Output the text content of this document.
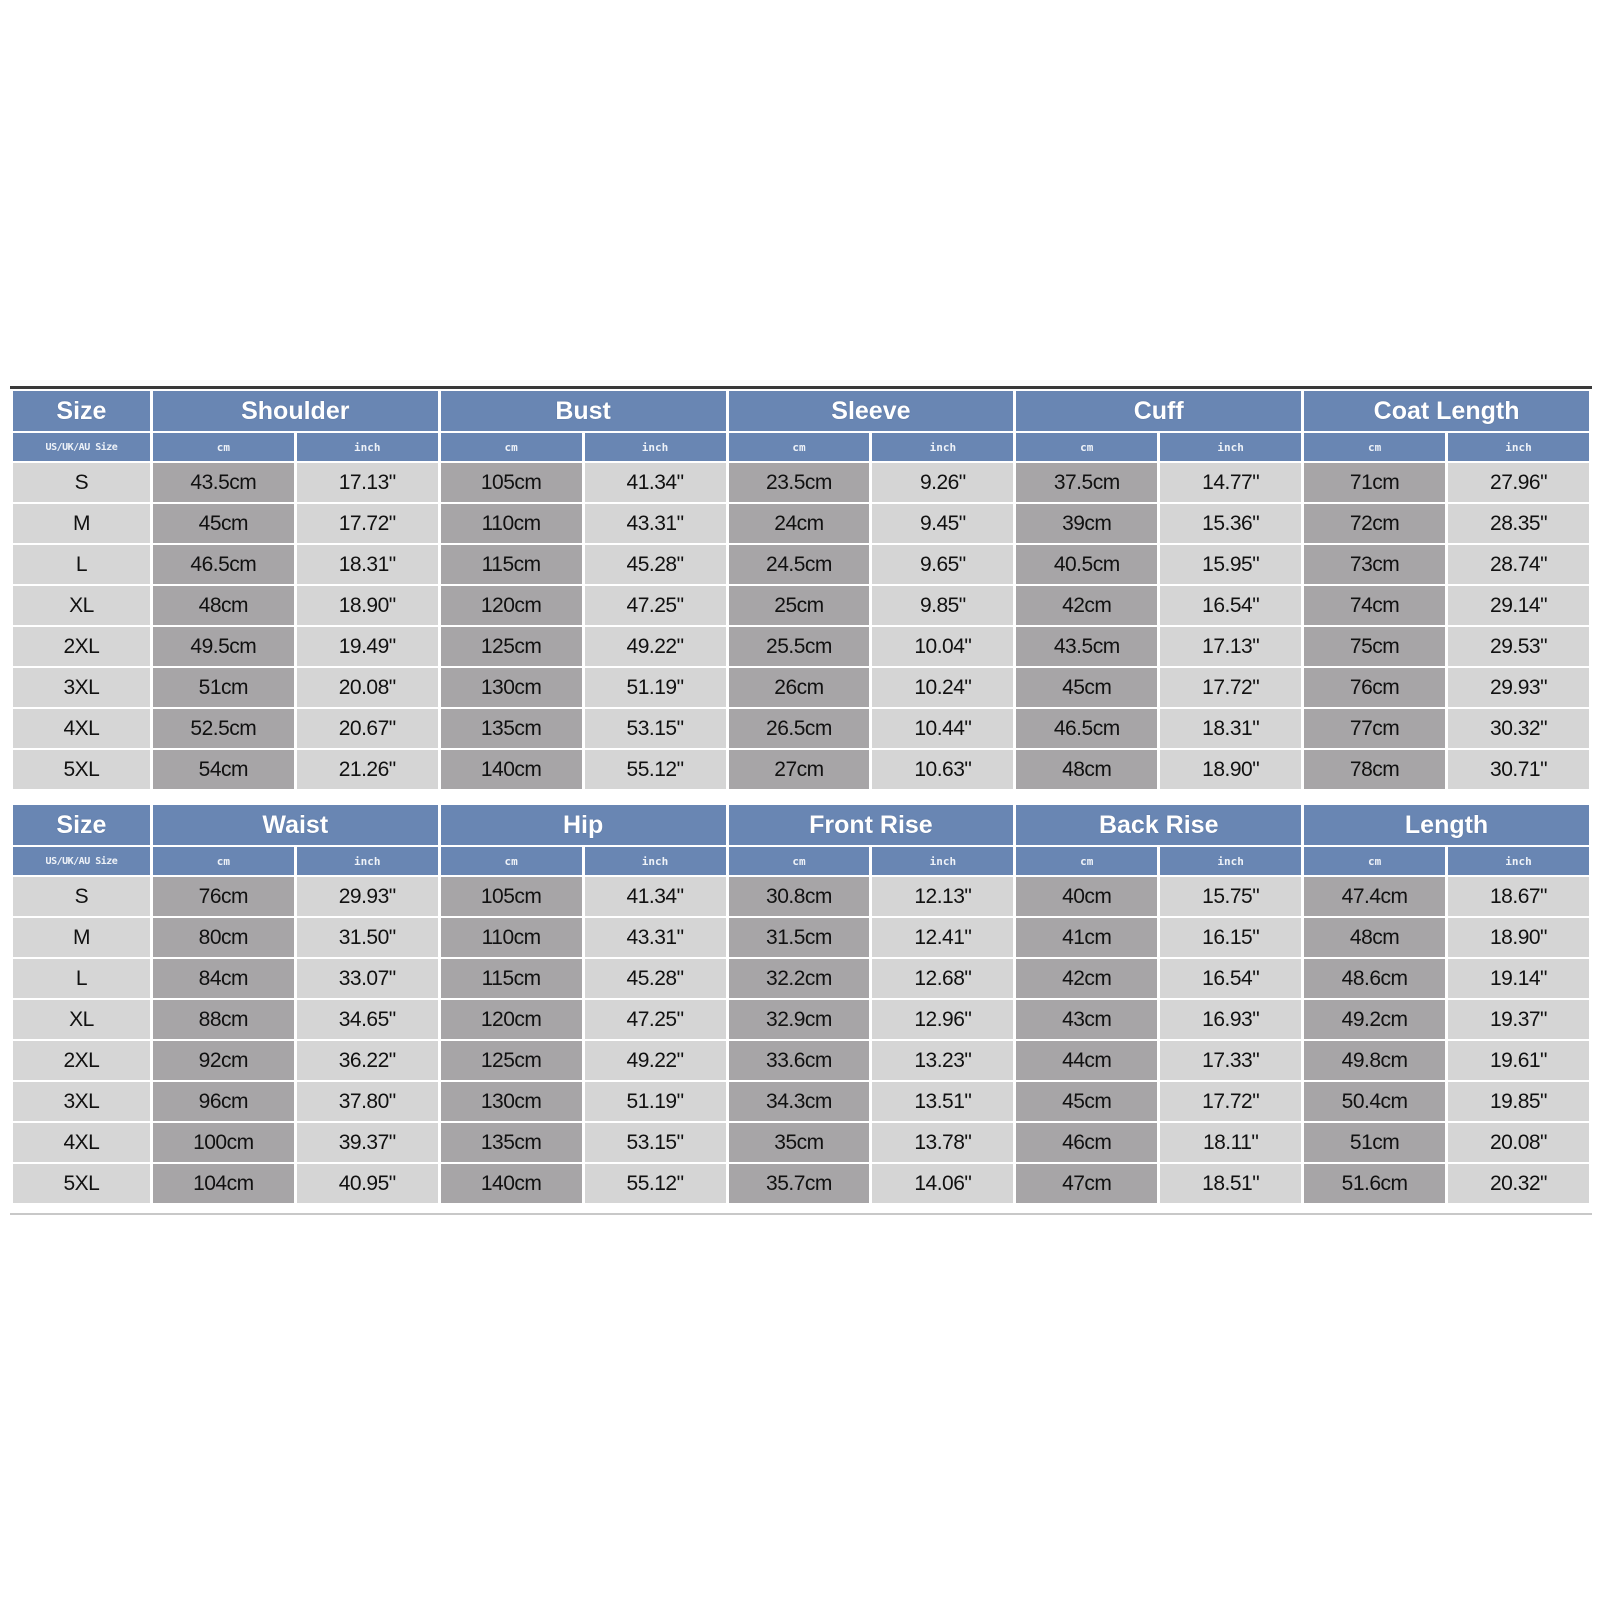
Size	Shoulder		Bust		Sleeve		Cuff		Coat Length	
US/UK/AU Size	cm	inch	cm	inch	cm	inch	cm	inch	cm	inch
S	43.5cm	17.13"	105cm	41.34"	23.5cm	9.26"	37.5cm	14.77"	71cm	27.96"
M	45cm	17.72"	110cm	43.31"	24cm	9.45"	39cm	15.36"	72cm	28.35"
L	46.5cm	18.31"	115cm	45.28"	24.5cm	9.65"	40.5cm	15.95"	73cm	28.74"
XL	48cm	18.90"	120cm	47.25"	25cm	9.85"	42cm	16.54"	74cm	29.14"
2XL	49.5cm	19.49"	125cm	49.22"	25.5cm	10.04"	43.5cm	17.13"	75cm	29.53"
3XL	51cm	20.08"	130cm	51.19"	26cm	10.24"	45cm	17.72"	76cm	29.93"
4XL	52.5cm	20.67"	135cm	53.15"	26.5cm	10.44"	46.5cm	18.31"	77cm	30.32"
5XL	54cm	21.26"	140cm	55.12"	27cm	10.63"	48cm	18.90"	78cm	30.71"
Size	Waist		Hip		Front Rise		Back Rise		Length	
US/UK/AU Size	cm	inch	cm	inch	cm	inch	cm	inch	cm	inch
S	76cm	29.93"	105cm	41.34"	30.8cm	12.13"	40cm	15.75"	47.4cm	18.67"
M	80cm	31.50"	110cm	43.31"	31.5cm	12.41"	41cm	16.15"	48cm	18.90"
L	84cm	33.07"	115cm	45.28"	32.2cm	12.68"	42cm	16.54"	48.6cm	19.14"
XL	88cm	34.65"	120cm	47.25"	32.9cm	12.96"	43cm	16.93"	49.2cm	19.37"
2XL	92cm	36.22"	125cm	49.22"	33.6cm	13.23"	44cm	17.33"	49.8cm	19.61"
3XL	96cm	37.80"	130cm	51.19"	34.3cm	13.51"	45cm	17.72"	50.4cm	19.85"
4XL	100cm	39.37"	135cm	53.15"	35cm	13.78"	46cm	18.11"	51cm	20.08"
5XL	104cm	40.95"	140cm	55.12"	35.7cm	14.06"	47cm	18.51"	51.6cm	20.32"
